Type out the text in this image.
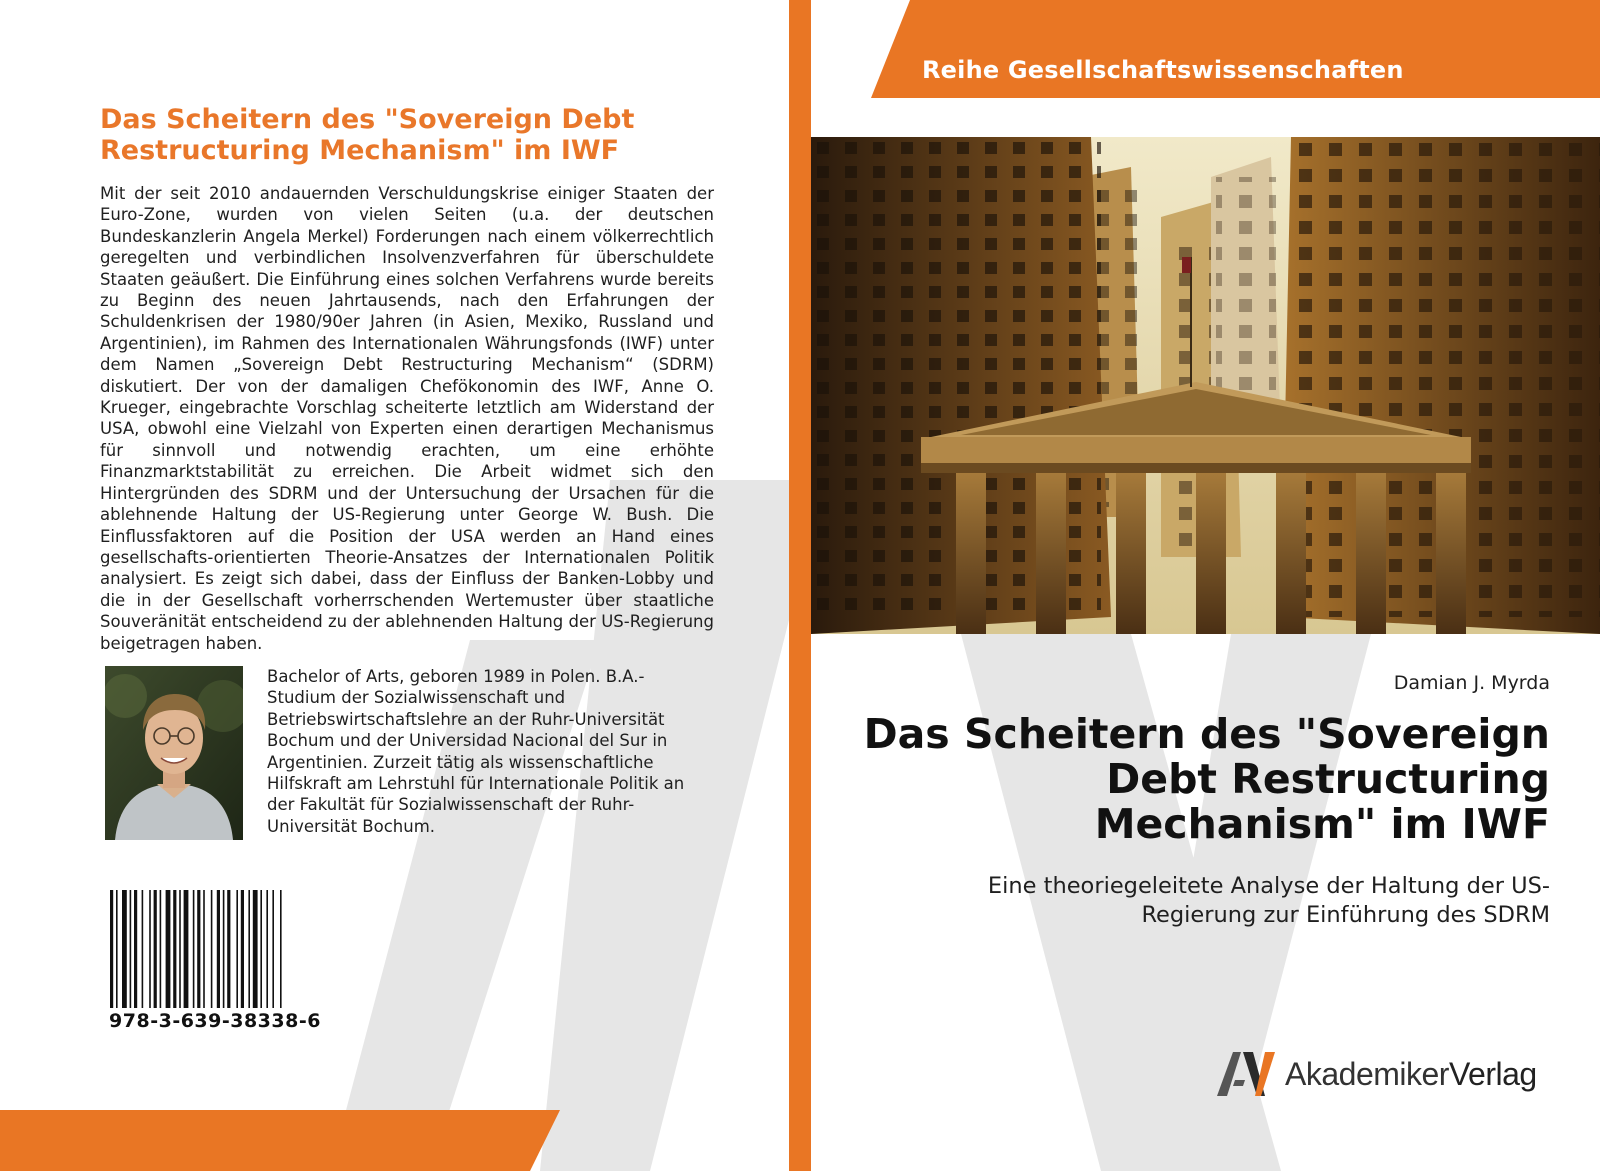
Das Scheitern des "Sovereign Debt Restructuring Mechanism" im IWF

Mit der seit 2010 andauernden Verschuldungskrise einiger Staaten der Euro-Zone, wurden von vielen Seiten (u.a. der deutschen Bundeskanzlerin Angela Merkel) Forderungen nach einem völkerrechtlich geregelten und verbindlichen Insolvenzverfahren für überschuldete Staaten geäußert. Die Einführung eines solchen Verfahrens wurde bereits zu Beginn des neuen Jahrtausends, nach den Erfahrungen der Schuldenkrisen der 1980/90er Jahren (in Asien, Mexiko, Russland und Argentinien), im Rahmen des Internationalen Währungsfonds (IWF) unter dem Namen „Sovereign Debt Restructuring Mechanism“ (SDRM) diskutiert. Der von der damaligen Chefökonomin des IWF, Anne O. Krueger, eingebrachte Vorschlag scheiterte letztlich am Widerstand der USA, obwohl eine Vielzahl von Experten einen derartigen Mechanismus für sinnvoll und notwendig erachten, um eine erhöhte Finanzmarktstabilität zu erreichen. Die Arbeit widmet sich den Hintergründen des SDRM und der Untersuchung der Ursachen für die ablehnende Haltung der US-Regierung unter George W. Bush. Die Einflussfaktoren auf die Position der USA werden an Hand eines gesellschafts-orientierten Theorie-Ansatzes der Internationalen Politik analysiert. Es zeigt sich dabei, dass der Einfluss der Banken-Lobby und die in der Gesellschaft vorherrschenden Wertemuster über staatliche Souveränität entscheidend zu der ablehnenden Haltung der US-Regierung beigetragen haben.

Bachelor of Arts, geboren 1989 in Polen. B.A.-Studium der Sozialwissenschaft und Betriebswirtschaftslehre an der Ruhr-Universität Bochum und der Universidad Nacional del Sur in Argentinien. Zurzeit tätig als wissenschaftliche Hilfskraft am Lehrstuhl für Internationale Politik an der Fakultät für Sozialwissenschaft der Ruhr-Universität Bochum.

978-3-639-38338-6
Reihe Gesellschaftswissenschaften
Damian J. Myrda
Das Scheitern des "Sovereign Debt Restructuring Mechanism" im IWF

Eine theoriegeleitete Analyse der Haltung der US-Regierung zur Einführung des SDRM

AkademikerVerlag
